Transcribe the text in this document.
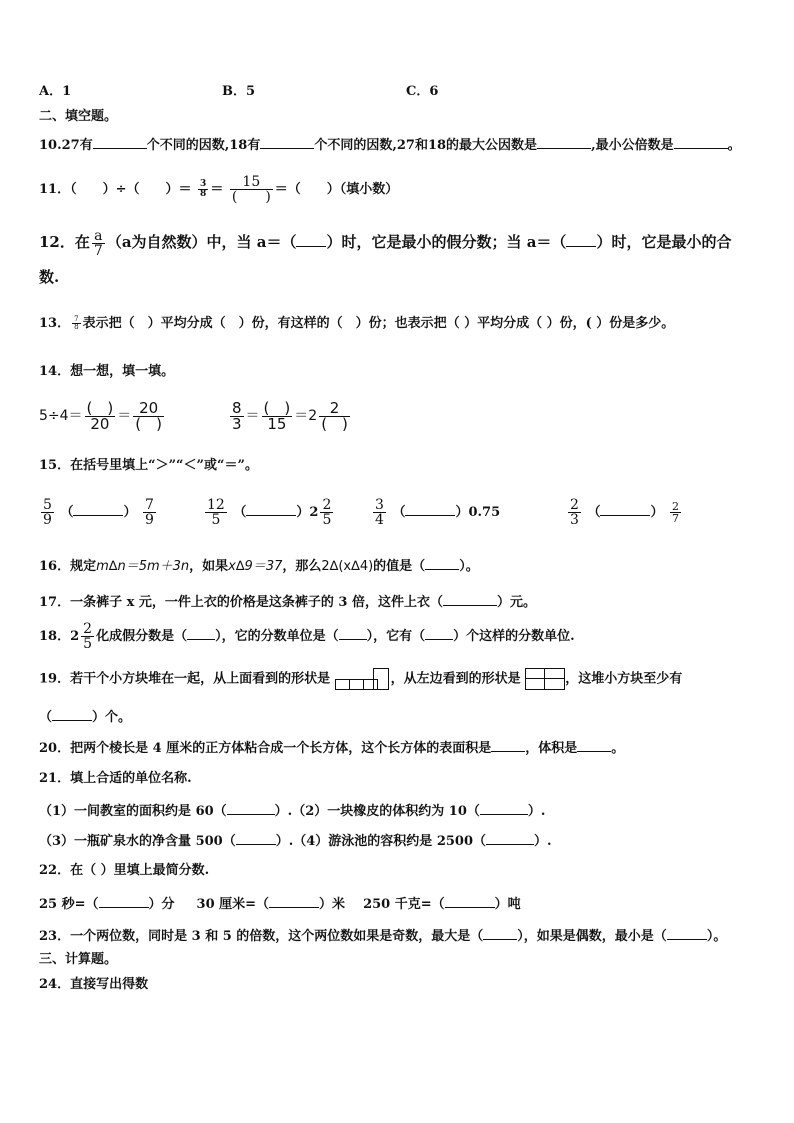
A．1	B．5	C．6
二、填空题。
10.27有	个不同的因数,18有	个不同的因数,27和18的最大公因数是	,最小公倍数是	。
11．（　　）÷（　　）＝ $\frac{3}{8} = \frac{15}{( )}$ ＝（　　）（填小数）
12．在 $\frac{a}{7} (a$为自然数）中，当 a＝（ ）时，它是最小的假分数；当 a＝（ ）时，它是最小的合
数.
13． $\frac{7}{8}$ 表示把（　）平均分成（　）份，有这样的（　）份；也表示把（ ）平均分成（ ）份，( ）份是多少。
14．想一想，填一填。
$5\div 4= \frac{( )}{20} = \frac{20}{( )}$	$\frac{8}{3} = \frac{( )}{15} =2 \frac{2}{( )}$
15．在括号里填上“＞”“＜”或“＝”。
$\frac{5}{9}$ （	） $\frac{7}{9}$	$\frac{12}{5}$ （	）$2 \frac{2}{5}$	$\frac{3}{4}$ （	）0.75	$\frac{2}{3}$ （	） $\frac{2}{7}$
16．规定m∆n＝5m＋3n，如果x∆9＝37，那么2∆(x∆4)的值是（	）。
17．一条裤子 x 元，一件上衣的价格是这条裤子的 3 倍，这件上衣（	）元。
18．$2 \frac{2}{5}$ 化成假分数是（ ），它的分数单位是（ ），它有（ ）个这样的分数单位.
19．若干个小方块堆在一起，从上面看到的形状是	，从左边看到的形状是	，这堆小方块至少有
（	）个。
20．把两个棱长是 4 厘米的正方体粘合成一个长方体，这个长方体的表面积是	，体积是	。
21．填上合适的单位名称.
（1）一间教室的面积约是 60（	）.（2）一块橡皮的体积约为 10（	）.
（3）一瓶矿泉水的净含量 500（	）.（4）游泳池的容积约是 2500（	）.
22．在（ ）里填上最简分数.
25 秒=（	）分 30 厘米=（	）米 250 千克=（	）吨
23．一个两位数，同时是 3 和 5 的倍数，这个两位数如果是奇数，最大是（	），如果是偶数，最小是（	）。
三、计算题。
24．直接写出得数
